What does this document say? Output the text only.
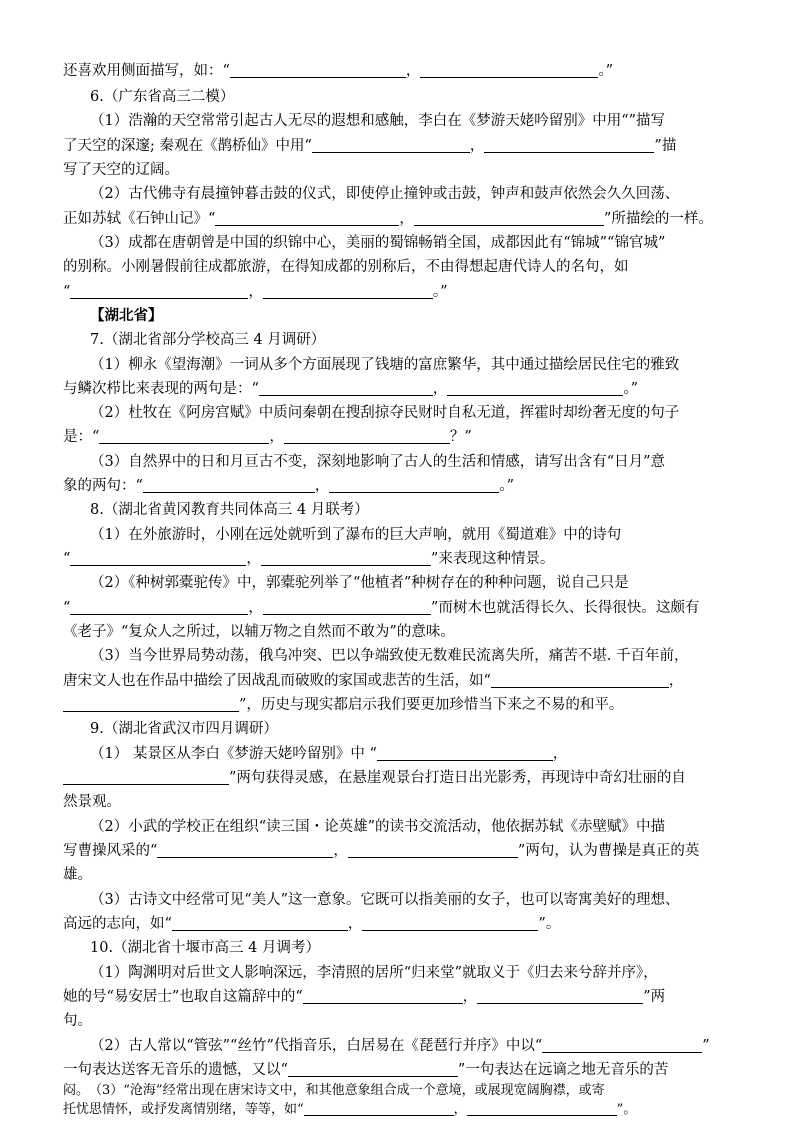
还喜欢用侧面描写，如：“	，	。”
6.（广东省高三二模）
（1）浩瀚的天空常常引起古人无尽的遐想和感触，李白在《梦游天姥吟留别》中用“”描写
了天空的深邃; 秦观在《鹊桥仙》中用“	，	”描
写了天空的辽阔。
（2）古代佛寺有晨撞钟暮击鼓的仪式，即使停止撞钟或击鼓，钟声和鼓声依然会久久回荡、
正如苏轼《石钟山记》“	，	”所描绘的一样。
（3）成都在唐朝曾是中国的织锦中心，美丽的蜀锦畅销全国，成都因此有“锦城”“锦官城”
的别称。小刚暑假前往成都旅游，在得知成都的别称后，不由得想起唐代诗人的名句，如
“	，	。”
【湖北省】
7.（湖北省部分学校高三 4 月调研）
（1）柳永《望海潮》一词从多个方面展现了钱塘的富庶繁华，其中通过描绘居民住宅的雅致
与鳞次栉比来表现的两句是：“	，	。”
（2）杜牧在《阿房宫赋》中质问秦朝在搜刮掠夺民财时自私无道，挥霍时却纷奢无度的句子
是：“	，	？”
（3）自然界中的日和月亘古不变，深刻地影响了古人的生活和情感，请写出含有“日月”意
象的两句：“	，	。”
8.（湖北省黄冈教育共同体高三 4 月联考）
（1）在外旅游时，小刚在远处就听到了瀑布的巨大声响，就用《蜀道难》中的诗句
“	，	”来表现这种情景。
（2）《种树郭橐驼传》中，郭橐驼列举了“他植者”种树存在的种种问题，说自己只是
“	，	”而树木也就活得长久、长得很快。这颇有
《老子》“复众人之所过，以辅万物之自然而不敢为”的意味。
（3）当今世界局势动荡，俄乌冲突、巴以争端致使无数难民流离失所，痛苦不堪. 千百年前，
唐宋文人也在作品中描绘了因战乱而破败的家国或悲苦的生活，如“	，
”，历史与现实都启示我们要更加珍惜当下来之不易的和平。
9.（湖北省武汉市四月调研）
（1） 某景区从李白《梦游天姥吟留别》中 “	，
”两句获得灵感，在悬崖观景台打造日出光影秀，再现诗中奇幻壮丽的自
然景观。
（2）小武的学校正在组织“读三国・论英雄”的读书交流活动，他依据苏轼《赤壁赋》中描
写曹操风采的“	，	”两句，认为曹操是真正的英
雄。
（3）古诗文中经常可见“美人”这一意象。它既可以指美丽的女子，也可以寄寓美好的理想、
高远的志向，如“	，	”。
10.（湖北省十堰市高三 4 月调考）
（1）陶渊明对后世文人影响深远，李清照的居所“归来堂”就取义于《归去来兮辞并序》，
她的号“易安居士”也取自这篇辞中的“	，	”两
句。
（2）古人常以“管弦”“丝竹”代指音乐，白居易在《琵琶行并序》中以“	”
一句表达送客无音乐的遗憾，又以“	”一句表达在远谪之地无音乐的苦
闷。　（3）“沧海”经常出现在唐宋诗文中，和其他意象组合成一个意境，或展现宽阔胸襟，或寄
托忧思情怀，或抒发离情别绪，等等，如“	，	”。
